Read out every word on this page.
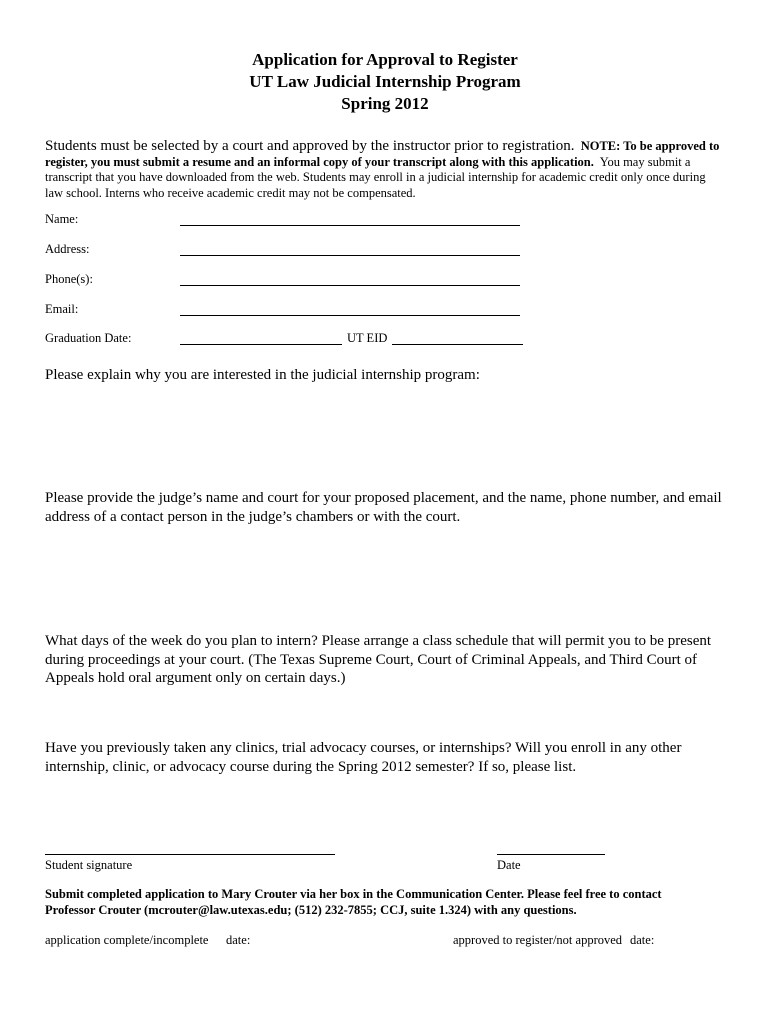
Application for Approval to Register
UT Law Judicial Internship Program
Spring 2012
Students must be selected by a court and approved by the instructor prior to registration. NOTE: To be approved to register, you must submit a resume and an informal copy of your transcript along with this application. You may submit a transcript that you have downloaded from the web. Students may enroll in a judicial internship for academic credit only once during law school. Interns who receive academic credit may not be compensated.
Name:
Address:
Phone(s):
Email:
Graduation Date:	UT EID
Please explain why you are interested in the judicial internship program:
Please provide the judge’s name and court for your proposed placement, and the name, phone number, and email address of a contact person in the judge’s chambers or with the court.
What days of the week do you plan to intern? Please arrange a class schedule that will permit you to be present during proceedings at your court. (The Texas Supreme Court, Court of Criminal Appeals, and Third Court of Appeals hold oral argument only on certain days.)
Have you previously taken any clinics, trial advocacy courses, or internships? Will you enroll in any other internship, clinic, or advocacy course during the Spring 2012 semester? If so, please list.
Student signature	Date
Submit completed application to Mary Crouter via her box in the Communication Center. Please feel free to contact
Professor Crouter (mcrouter@law.utexas.edu; (512) 232-7855; CCJ, suite 1.324) with any questions.
application complete/incomplete date:	approved to register/not approved date:
